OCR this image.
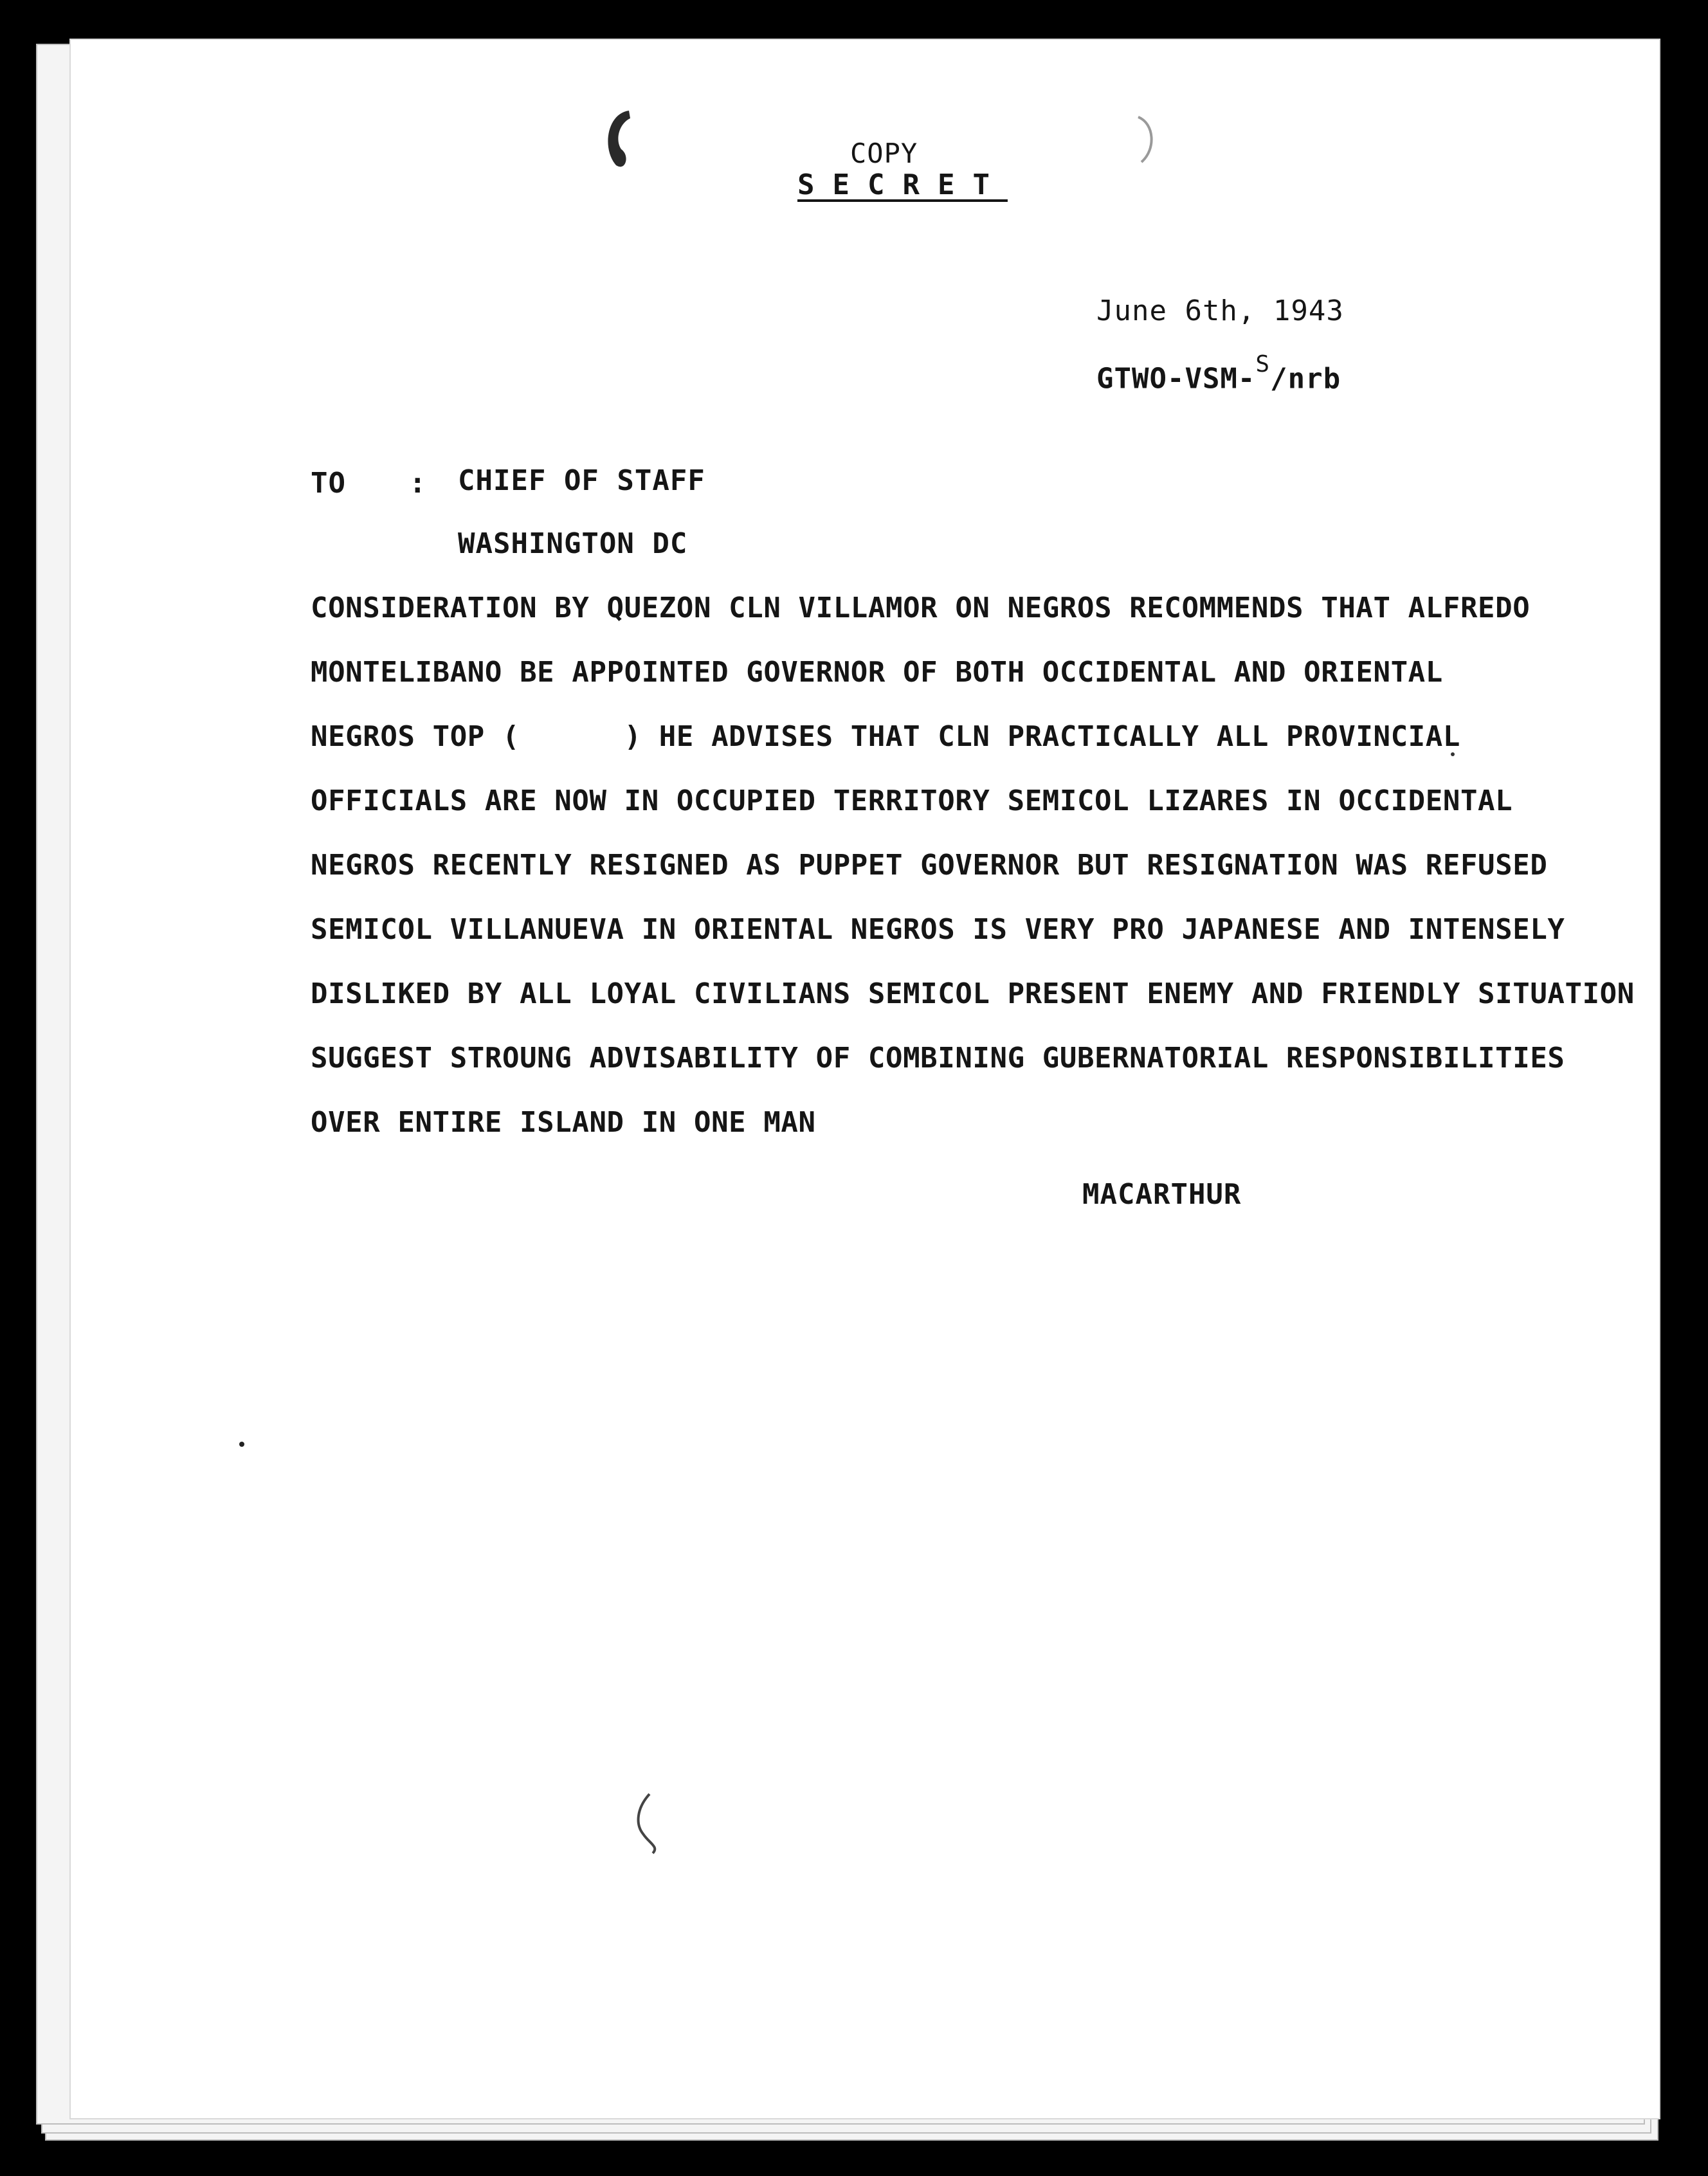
COPY
SECRET
June 6th, 1943
GTWO-VSM-$^S$/nrb
TO : CHIEF OF STAFF
WASHINGTON DC
CONSIDERATION BY QUEZON CLN VILLAMOR ON NEGROS RECOMMENDS THAT ALFREDO
MONTELIBANO BE APPOINTED GOVERNOR OF BOTH OCCIDENTAL AND ORIENTAL
NEGROS TOP (      ) HE ADVISES THAT CLN PRACTICALLY ALL PROVINCIAL
OFFICIALS ARE NOW IN OCCUPIED TERRITORY SEMICOL LIZARES IN OCCIDENTAL
NEGROS RECENTLY RESIGNED AS PUPPET GOVERNOR BUT RESIGNATION WAS REFUSED
SEMICOL VILLANUEVA IN ORIENTAL NEGROS IS VERY PRO JAPANESE AND INTENSELY
DISLIKED BY ALL LOYAL CIVILIANS SEMICOL PRESENT ENEMY AND FRIENDLY SITUATION
SUGGEST STROUNG ADVISABILITY OF COMBINING GUBERNATORIAL RESPONSIBILITIES
OVER ENTIRE ISLAND IN ONE MAN
MACARTHUR
